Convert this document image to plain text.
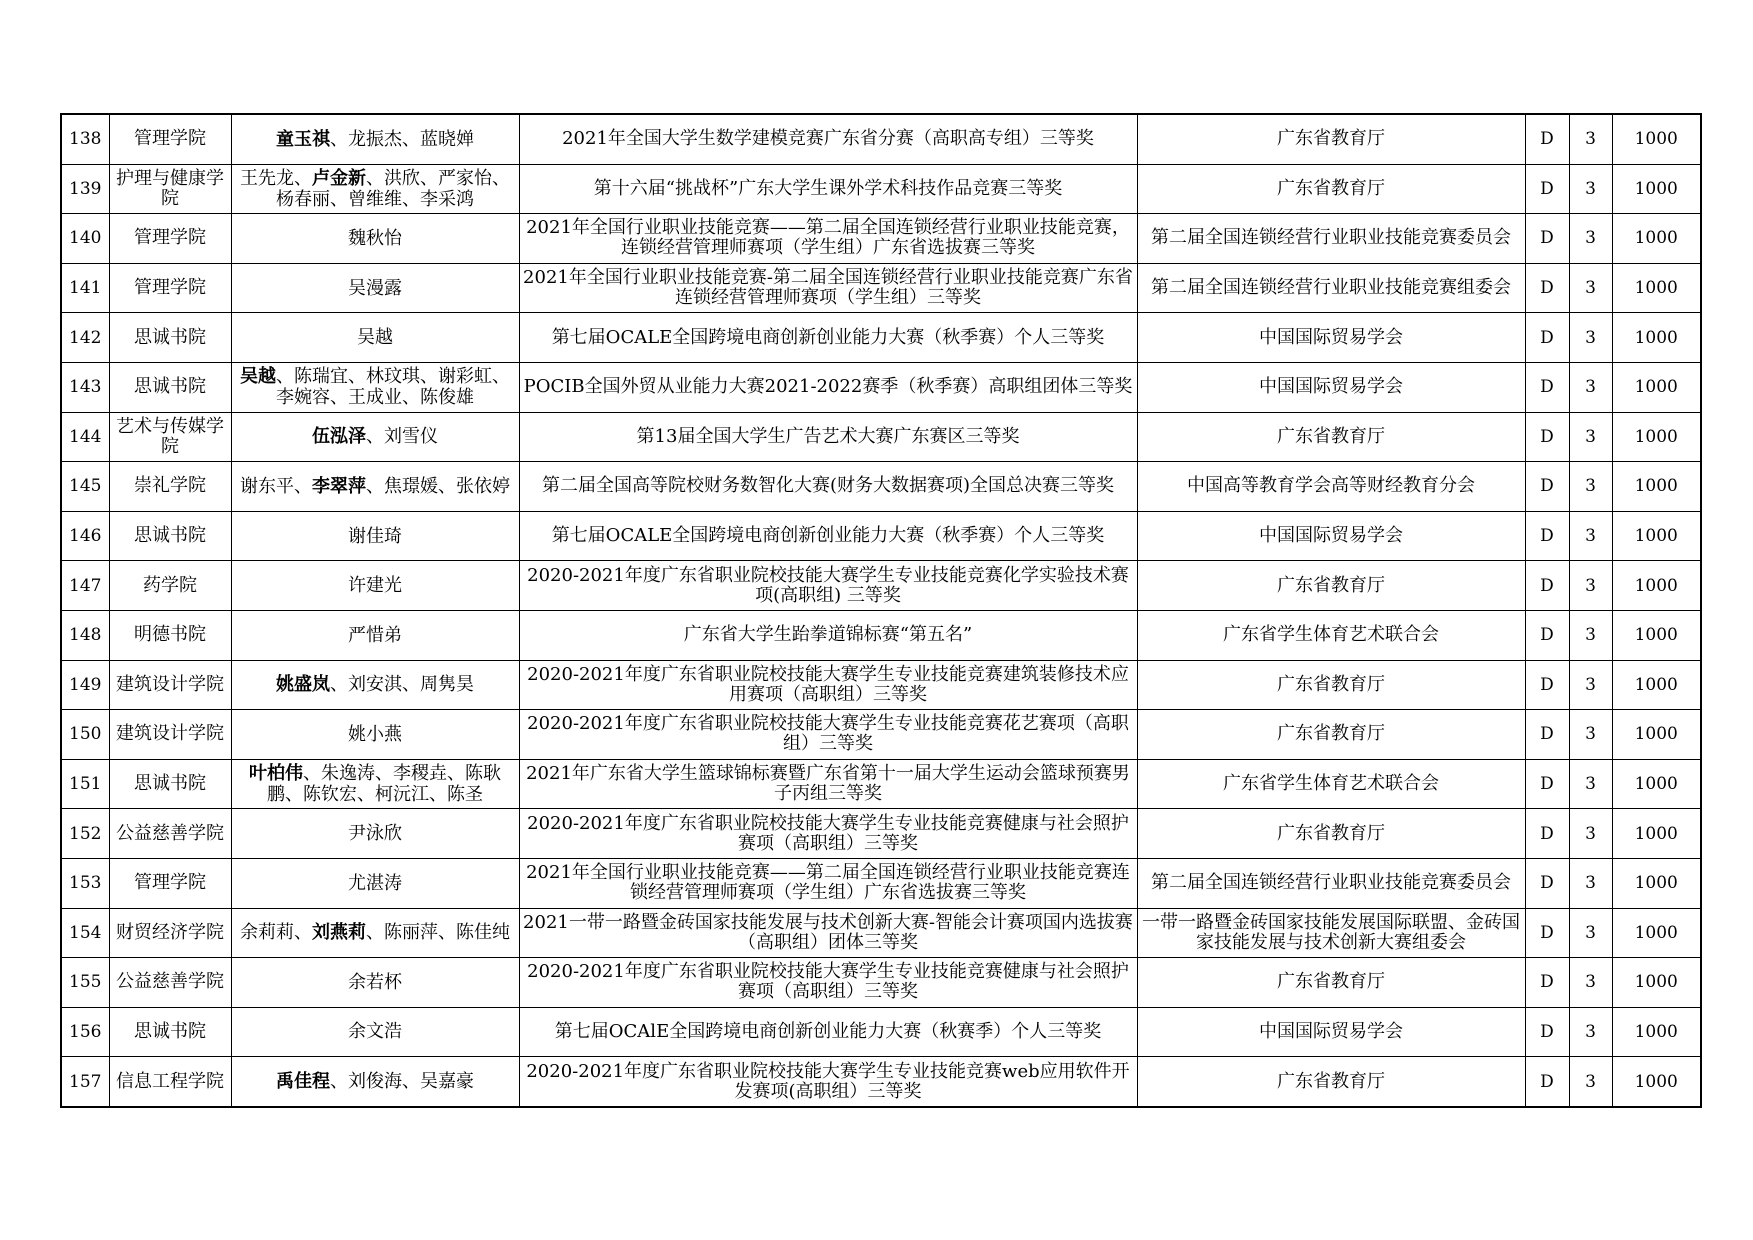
138	管理学院	童玉祺、龙振杰、蓝晓婵	2021年全国大学生数学建模竞赛广东省分赛（高职高专组）三等奖	广东省教育厅	D	3	1000
139	护理与健康学院	王先龙、卢金新、洪欣、严家怡、杨春丽、曾维维、李采鸿	第十六届“挑战杯”广东大学生课外学术科技作品竞赛三等奖	广东省教育厅	D	3	1000
140	管理学院	魏秋怡	2021年全国行业职业技能竞赛——第二届全国连锁经营行业职业技能竞赛，连锁经营管理师赛项（学生组）广东省选拔赛三等奖	第二届全国连锁经营行业职业技能竞赛委员会	D	3	1000
141	管理学院	吴漫露	2021年全国行业职业技能竞赛-第二届全国连锁经营行业职业技能竞赛广东省连锁经营管理师赛项（学生组）三等奖	第二届全国连锁经营行业职业技能竞赛组委会	D	3	1000
142	思诚书院	吴越	第七届OCALE全国跨境电商创新创业能力大赛（秋季赛）个人三等奖	中国国际贸易学会	D	3	1000
143	思诚书院	吴越、陈瑞宜、林玟琪、谢彩虹、李婉容、王成业、陈俊雄	POCIB全国外贸从业能力大赛2021-2022赛季（秋季赛）高职组团体三等奖	中国国际贸易学会	D	3	1000
144	艺术与传媒学院	伍泓泽、刘雪仪	第13届全国大学生广告艺术大赛广东赛区三等奖	广东省教育厅	D	3	1000
145	崇礼学院	谢东平、李翠萍、焦璟媛、张依婷	第二届全国高等院校财务数智化大赛(财务大数据赛项)全国总决赛三等奖	中国高等教育学会高等财经教育分会	D	3	1000
146	思诚书院	谢佳琦	第七届OCALE全国跨境电商创新创业能力大赛（秋季赛）个人三等奖	中国国际贸易学会	D	3	1000
147	药学院	许建光	2020-2021年度广东省职业院校技能大赛学生专业技能竞赛化学实验技术赛项(高职组) 三等奖	广东省教育厅	D	3	1000
148	明德书院	严惜弟	广东省大学生跆拳道锦标赛“第五名”	广东省学生体育艺术联合会	D	3	1000
149	建筑设计学院	姚盛岚、刘安淇、周隽昊	2020-2021年度广东省职业院校技能大赛学生专业技能竞赛建筑装修技术应用赛项（高职组）三等奖	广东省教育厅	D	3	1000
150	建筑设计学院	姚小燕	2020-2021年度广东省职业院校技能大赛学生专业技能竞赛花艺赛项（高职组）三等奖	广东省教育厅	D	3	1000
151	思诚书院	叶柏伟、朱逸涛、李稷垚、陈耿鹏、陈钦宏、柯沅江、陈圣	2021年广东省大学生篮球锦标赛暨广东省第十一届大学生运动会篮球预赛男子丙组三等奖	广东省学生体育艺术联合会	D	3	1000
152	公益慈善学院	尹泳欣	2020-2021年度广东省职业院校技能大赛学生专业技能竞赛健康与社会照护赛项（高职组）三等奖	广东省教育厅	D	3	1000
153	管理学院	尤湛涛	2021年全国行业职业技能竞赛——第二届全国连锁经营行业职业技能竞赛连锁经营管理师赛项（学生组）广东省选拔赛三等奖	第二届全国连锁经营行业职业技能竞赛委员会	D	3	1000
154	财贸经济学院	余莉莉、刘燕莉、陈丽萍、陈佳纯	2021一带一路暨金砖国家技能发展与技术创新大赛-智能会计赛项国内选拔赛（高职组）团体三等奖	一带一路暨金砖国家技能发展国际联盟、金砖国家技能发展与技术创新大赛组委会	D	3	1000
155	公益慈善学院	余若杯	2020-2021年度广东省职业院校技能大赛学生专业技能竞赛健康与社会照护赛项（高职组）三等奖	广东省教育厅	D	3	1000
156	思诚书院	余文浩	第七届OCAlE全国跨境电商创新创业能力大赛（秋赛季）个人三等奖	中国国际贸易学会	D	3	1000
157	信息工程学院	禹佳程、刘俊海、吴嘉豪	2020-2021年度广东省职业院校技能大赛学生专业技能竞赛web应用软件开发赛项(高职组）三等奖	广东省教育厅	D	3	1000
